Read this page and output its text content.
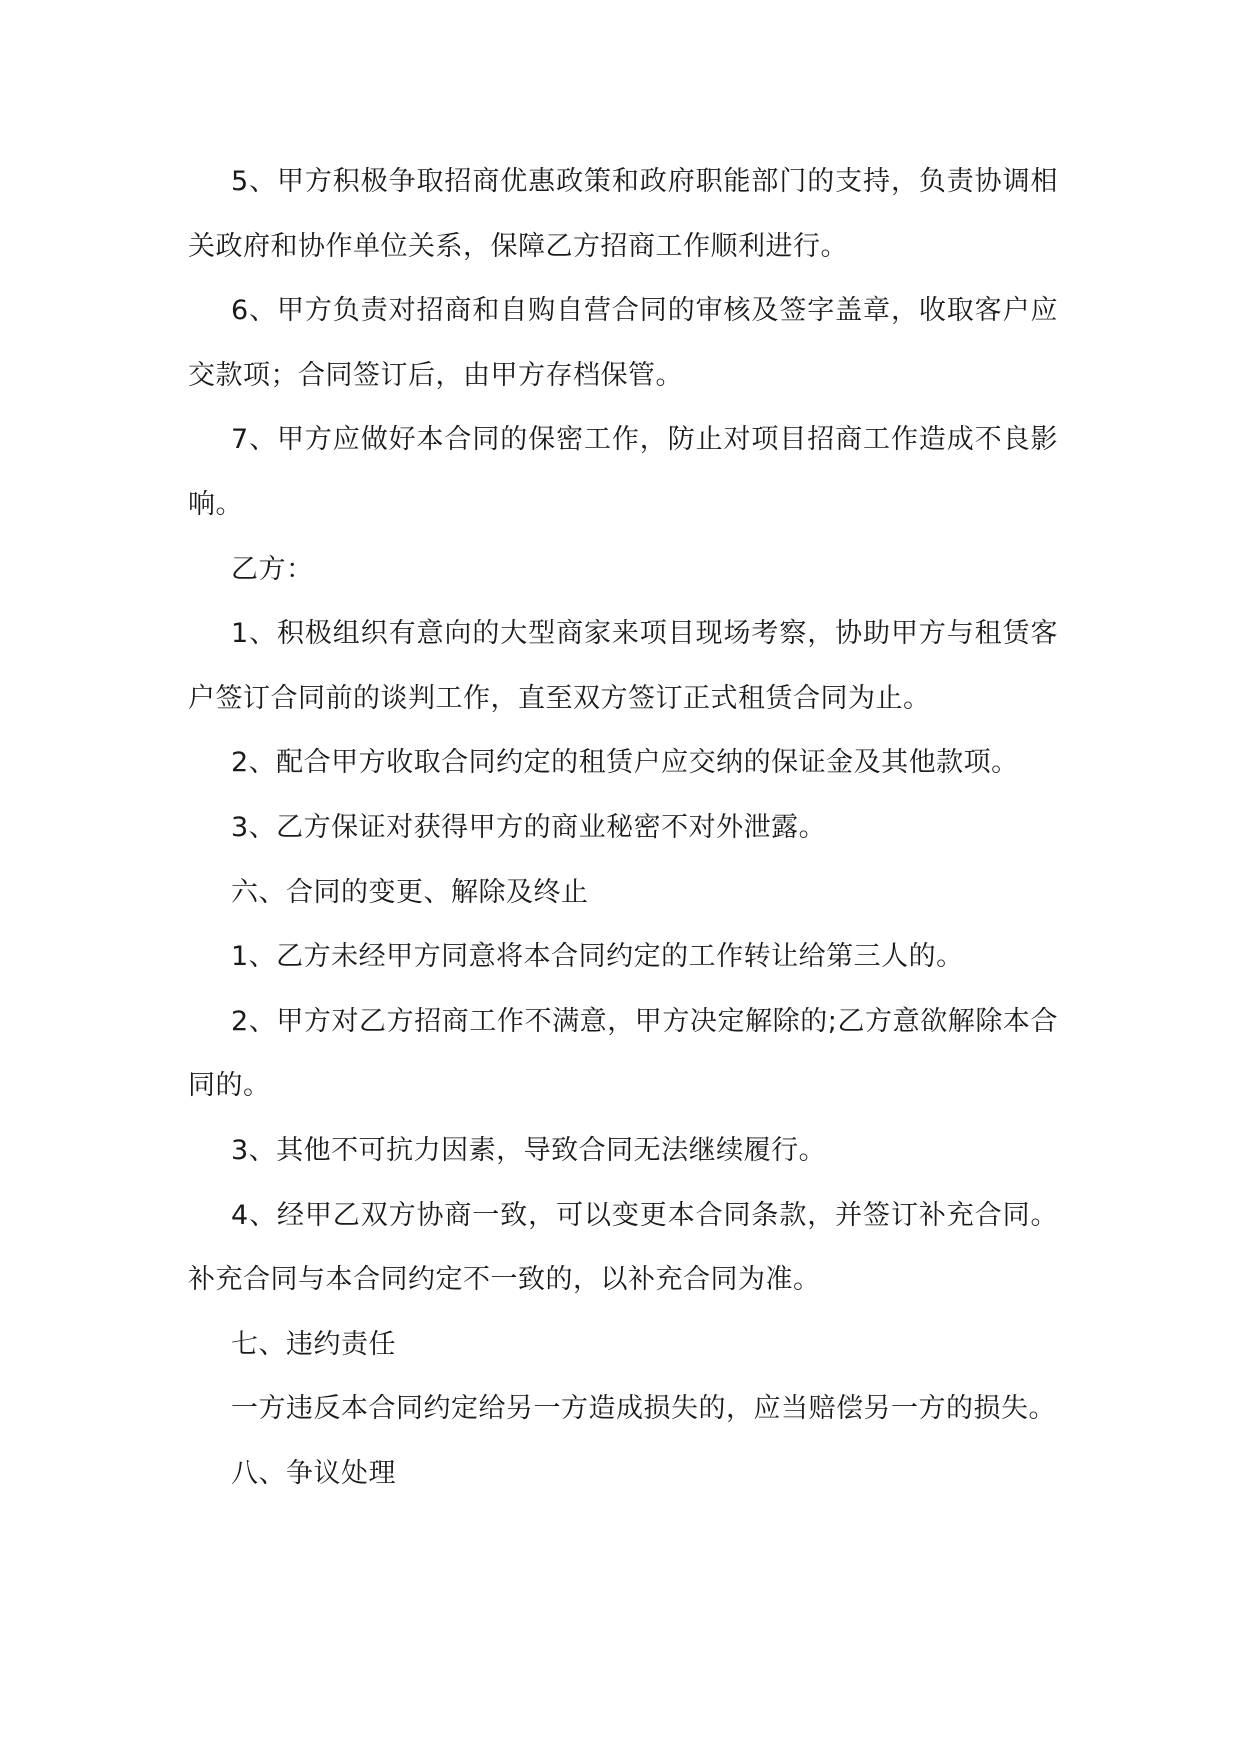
5、甲方积极争取招商优惠政策和政府职能部门的支持，负责协调相关政府和协作单位关系，保障乙方招商工作顺利进行。

6、甲方负责对招商和自购自营合同的审核及签字盖章，收取客户应交款项；合同签订后，由甲方存档保管。

7、甲方应做好本合同的保密工作，防止对项目招商工作造成不良影响。

乙方：

1、积极组织有意向的大型商家来项目现场考察，协助甲方与租赁客户签订合同前的谈判工作，直至双方签订正式租赁合同为止。

2、配合甲方收取合同约定的租赁户应交纳的保证金及其他款项。

3、乙方保证对获得甲方的商业秘密不对外泄露。

六、合同的变更、解除及终止

1、乙方未经甲方同意将本合同约定的工作转让给第三人的。

2、甲方对乙方招商工作不满意，甲方决定解除的;乙方意欲解除本合同的。

3、其他不可抗力因素，导致合同无法继续履行。

4、经甲乙双方协商一致，可以变更本合同条款，并签订补充合同。补充合同与本合同约定不一致的，以补充合同为准。

七、违约责任

一方违反本合同约定给另一方造成损失的，应当赔偿另一方的损失。

八、争议处理
